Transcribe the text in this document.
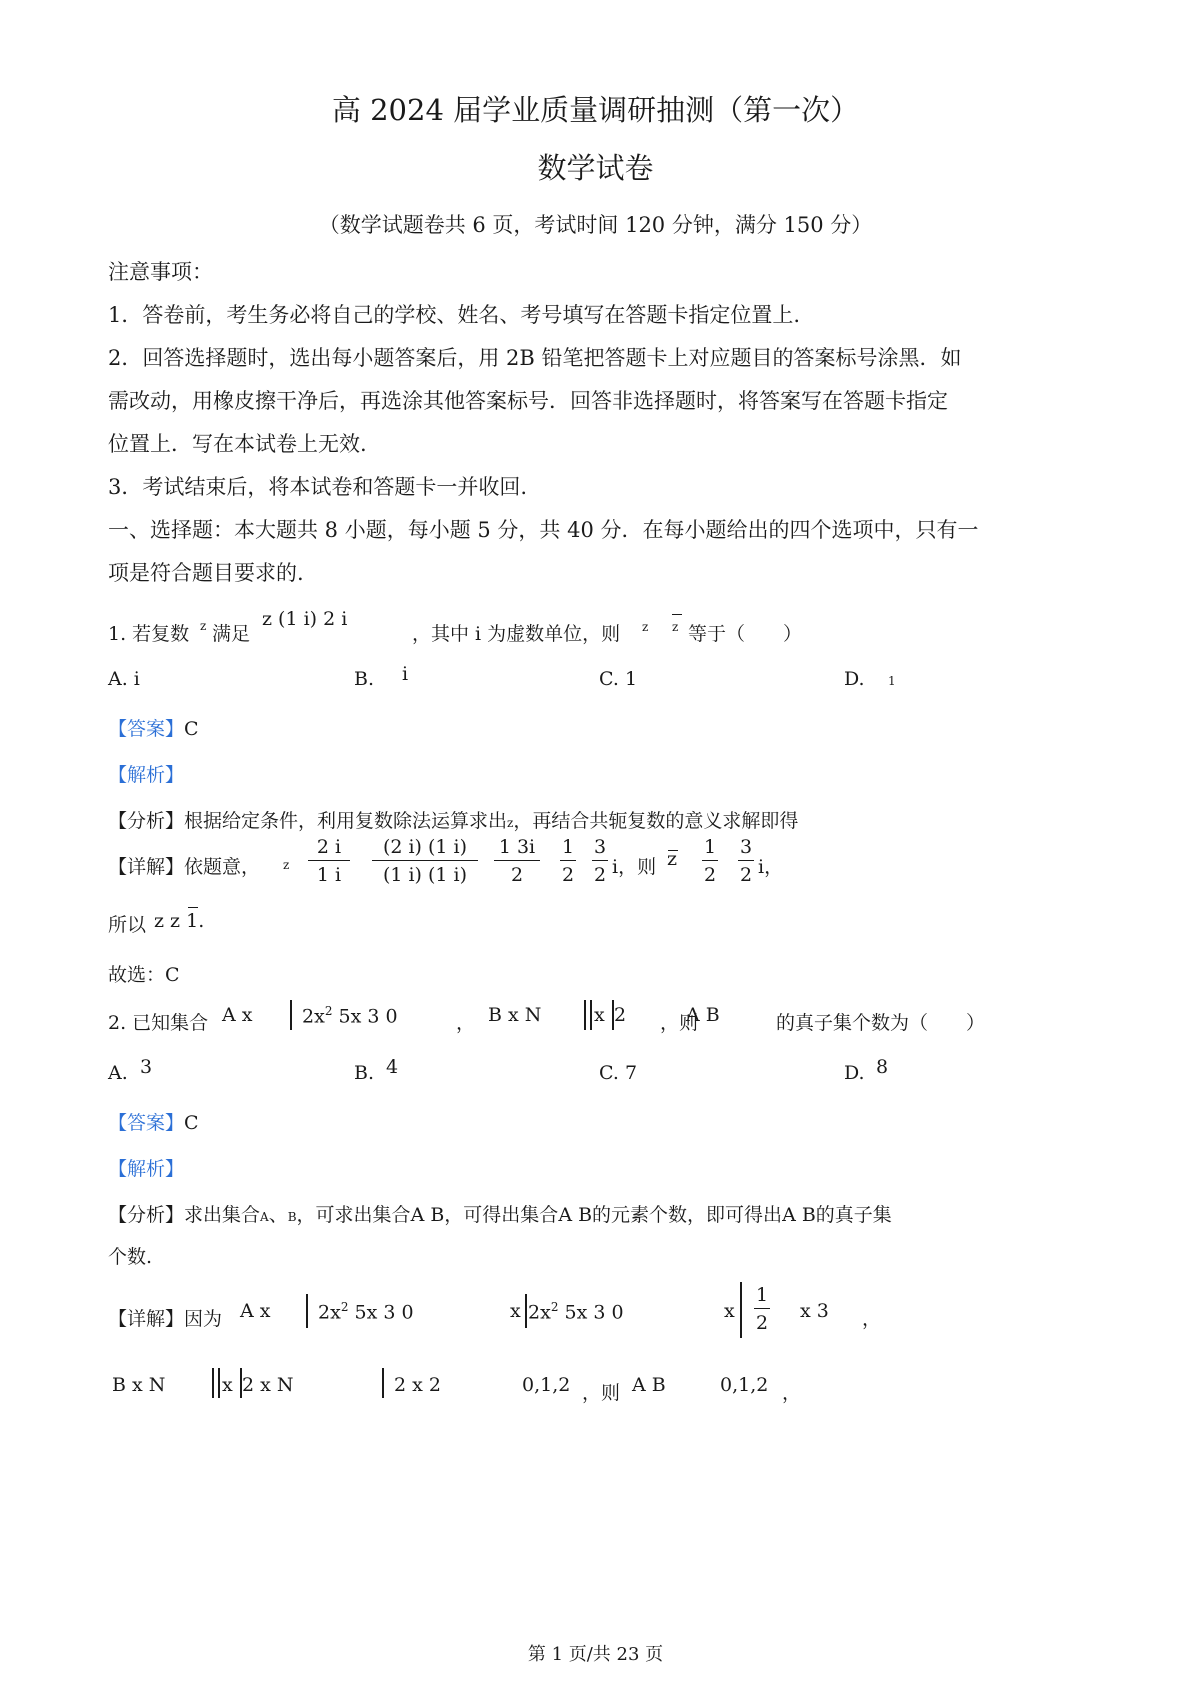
高 2024 届学业质量调研抽测（第一次）
数学试卷
（数学试题卷共 6 页，考试时间 120 分钟，满分 150 分）
注意事项：
1．答卷前，考生务必将自己的学校、姓名、考号填写在答题卡指定位置上.
2．回答选择题时，选出每小题答案后，用 2B 铅笔把答题卡上对应题目的答案标号涂黑．如
需改动，用橡皮擦干净后，再选涂其他答案标号．回答非选择题时，将答案写在答题卡指定
位置上．写在本试卷上无效.
3．考试结束后，将本试卷和答题卡一并收回.
一、选择题：本大题共 8 小题，每小题 5 分，共 40 分．在每小题给出的四个选项中，只有一
项是符合题目要求的.
1. 若复数 z 满足
z (1 i) 2 i
，其中 i 为虚数单位，则 z z 等于（　　）
A. i	B. i	C. 1	D. 1
【答案】C
【解析】
【分析】根据给定条件，利用复数除法运算求出z，再结合共轭复数的意义求解即得
【详解】依题意， z
2 i
1 i
(2 i) (1 i)
(1 i) (1 i)
1 3i
2
1
2
3
2 i，则 z
1
2
3
2 i，
所以 z z 1.
故选：C
2. 已知集合 A x	$2x^2$ 5x 3 0	， B x N	x 2 ，则
A B	的真子集个数为（　　）
A. 3	B. 4	C. 7	D. 8
【答案】C
【解析】
【分析】求出集合A、B，可求出集合A B，可得出集合A B的元素个数，即可得出A B的真子集
个数.
【详解】因为 A x	$2x^2$ 5x 3 0	x $2x^2$ 5x 3 0	x
1
2
x 3 ，
B x N	x 2 x N	2 x 2	0,1,2 ，则 A B	0,1,2 ，
第 1 页/共 23 页
